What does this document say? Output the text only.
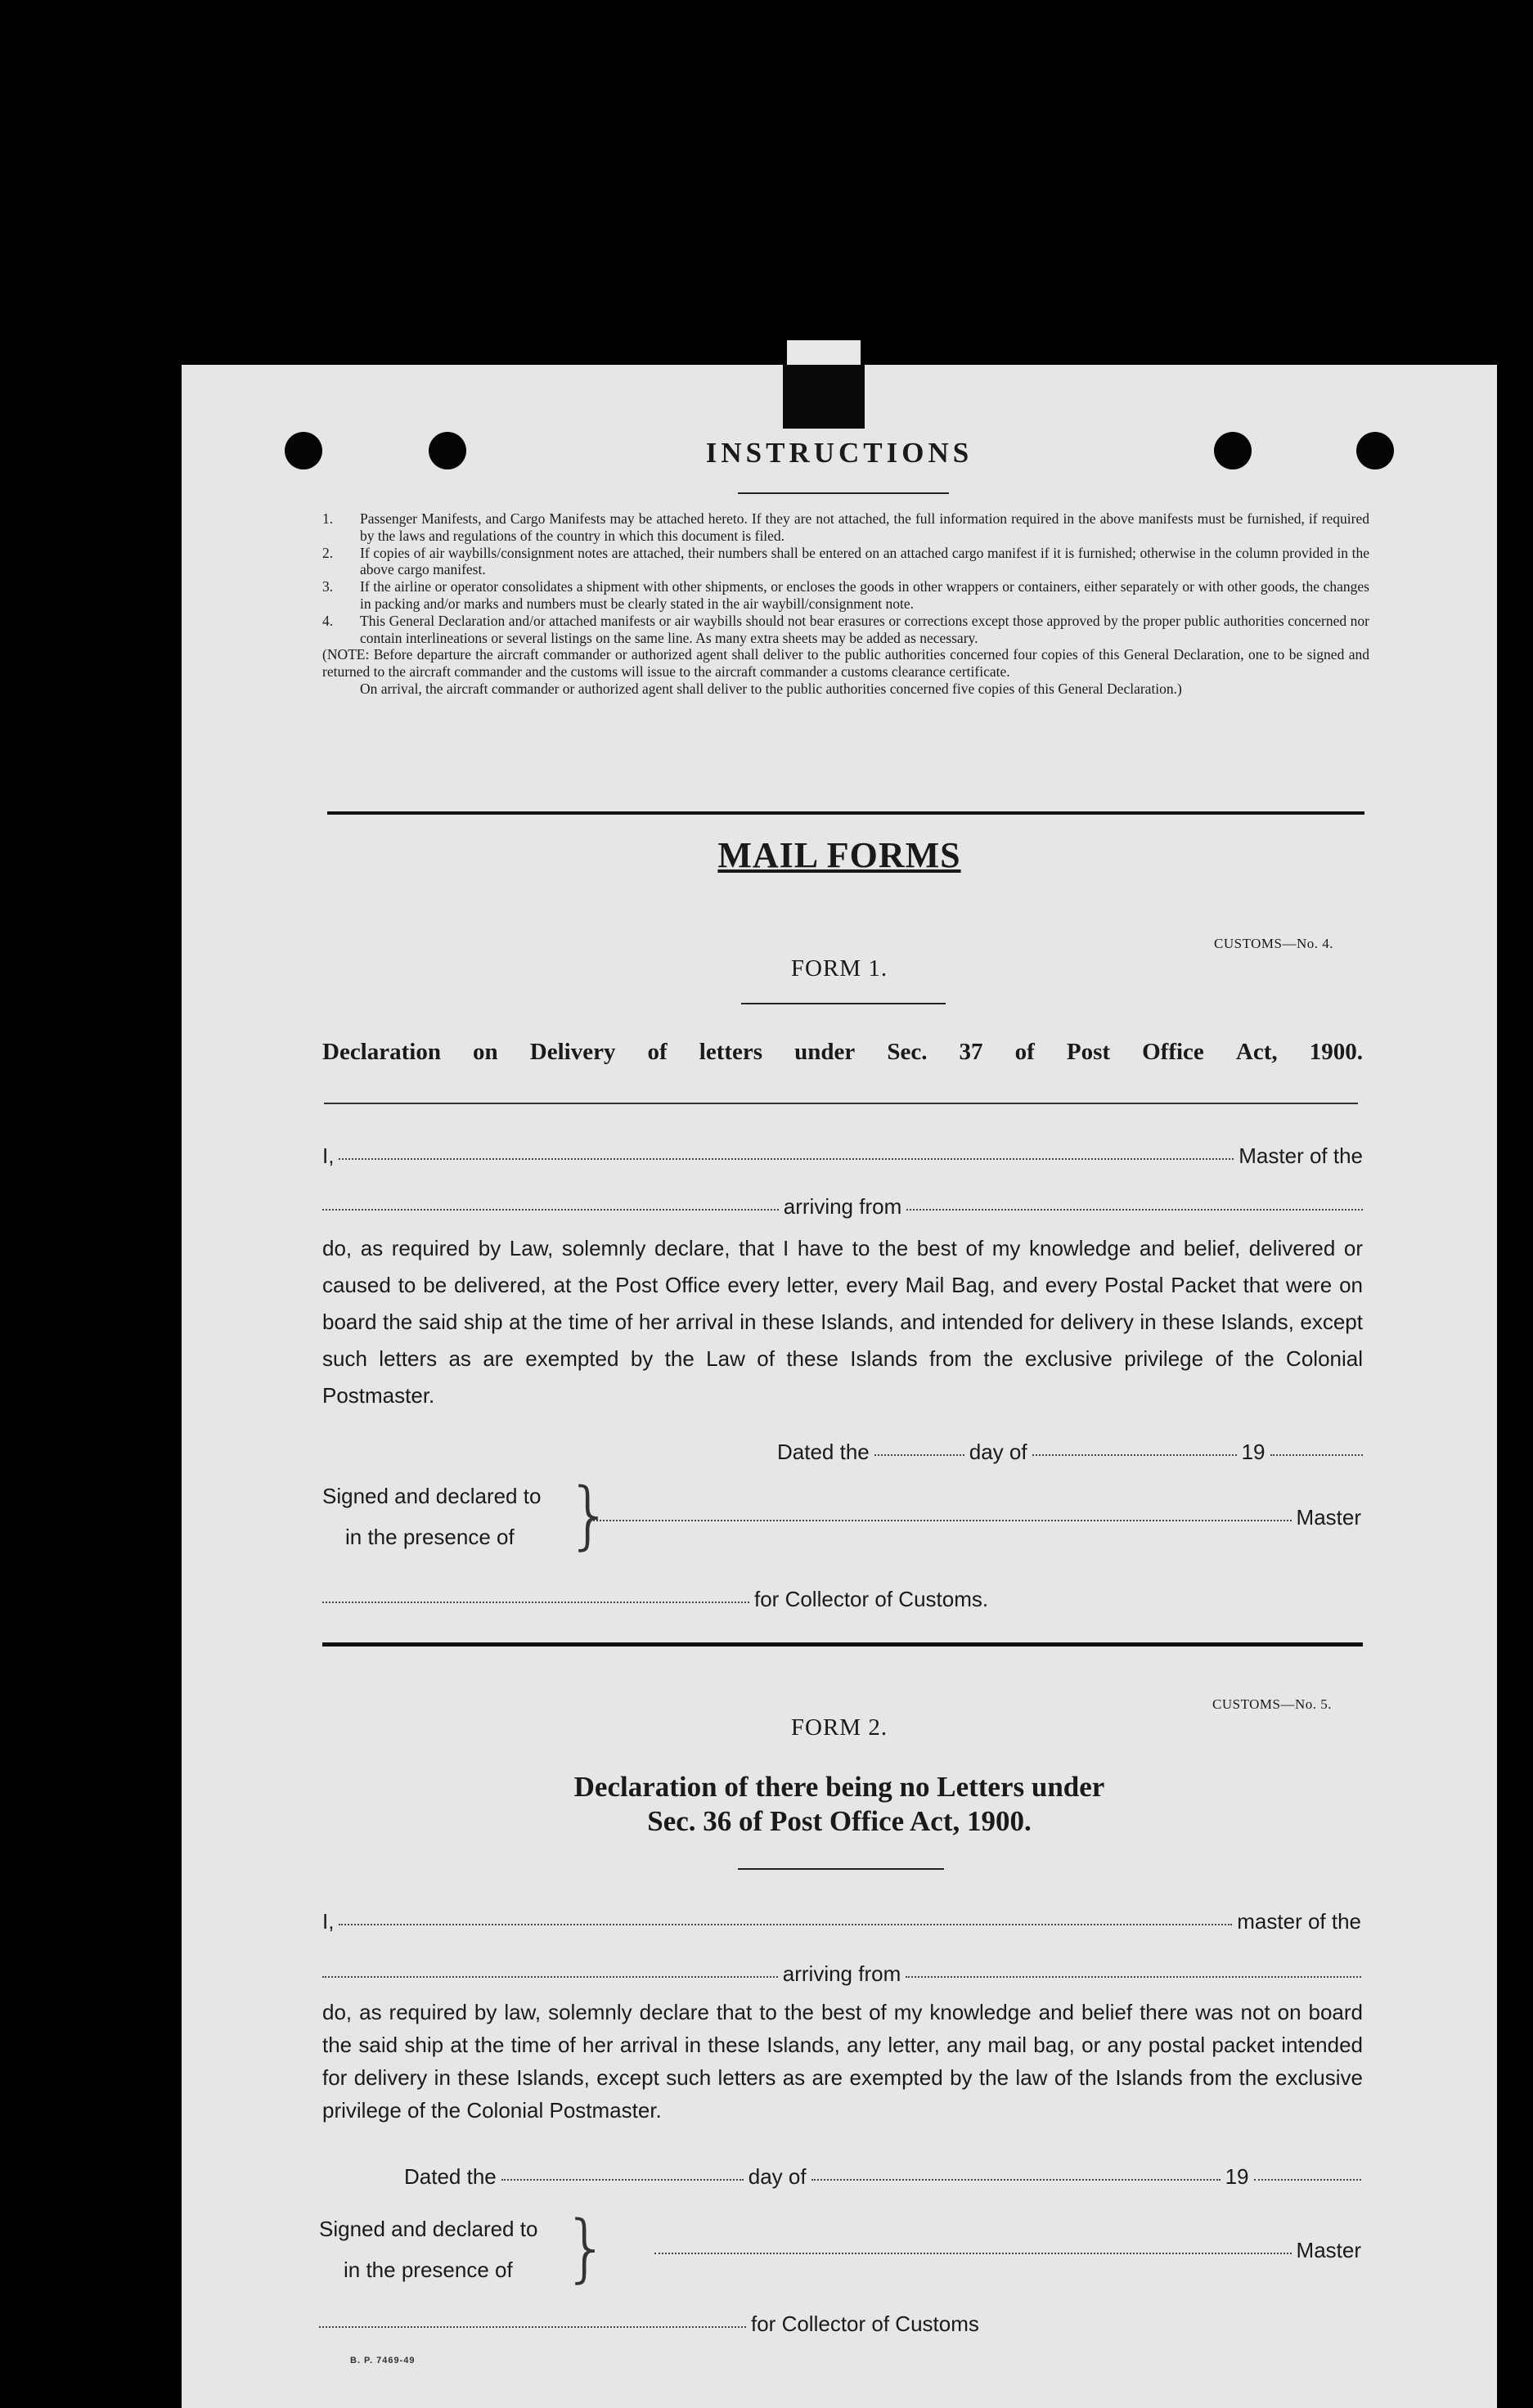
INSTRUCTIONS
1.	Passenger Manifests, and Cargo Manifests may be attached hereto. If they are not attached, the full information required in the above manifests must be furnished, if required by the laws and regulations of the country in which this document is filed.
2.	If copies of air waybills/consignment notes are attached, their numbers shall be entered on an attached cargo manifest if it is furnished; otherwise in the column provided in the above cargo manifest.
3.	If the airline or operator consolidates a shipment with other shipments, or encloses the goods in other wrappers or containers, either separately or with other goods, the changes in packing and/or marks and numbers must be clearly stated in the air waybill/consignment note.
4.	This General Declaration and/or attached manifests or air waybills should not bear erasures or corrections except those approved by the proper public authorities concerned nor contain interlineations or several listings on the same line. As many extra sheets may be added as necessary.
(NOTE: Before departure the aircraft commander or authorized agent shall deliver to the public authorities concerned four copies of this General Declaration, one to be signed and returned to the aircraft commander and the customs will issue to the aircraft commander a customs clearance certificate.
On arrival, the aircraft commander or authorized agent shall deliver to the public authorities concerned five copies of this General Declaration.)
MAIL FORMS
CUSTOMS—No. 4.
FORM 1.
Declaration on Delivery of letters under Sec. 37 of Post Office Act, 1900.
I,	Master of the
arriving from
do, as required by Law, solemnly declare, that I have to the best of my knowledge and belief, delivered or caused to be delivered, at the Post Office every letter, every Mail Bag, and every Postal Packet that were on board the said ship at the time of her arrival in these Islands, and intended for delivery in these Islands, except such letters as are exempted by the Law of these Islands from the exclusive privilege of the Colonial Postmaster.
Dated the	day of	19
Signed and declared to
in the presence of }	Master
for Collector of Customs.
CUSTOMS—No. 5.
FORM 2.
Declaration of there being no Letters under
Sec. 36 of Post Office Act, 1900.
I,	master of the
arriving from
do, as required by law, solemnly declare that to the best of my knowledge and belief there was not on board the said ship at the time of her arrival in these Islands, any letter, any mail bag, or any postal packet intended for delivery in these Islands, except such letters as are exempted by the law of the Islands from the exclusive privilege of the Colonial Postmaster.
Dated the	day of	19
Signed and declared to
in the presence of }	Master
for Collector of Customs
B. P. 7469-49
